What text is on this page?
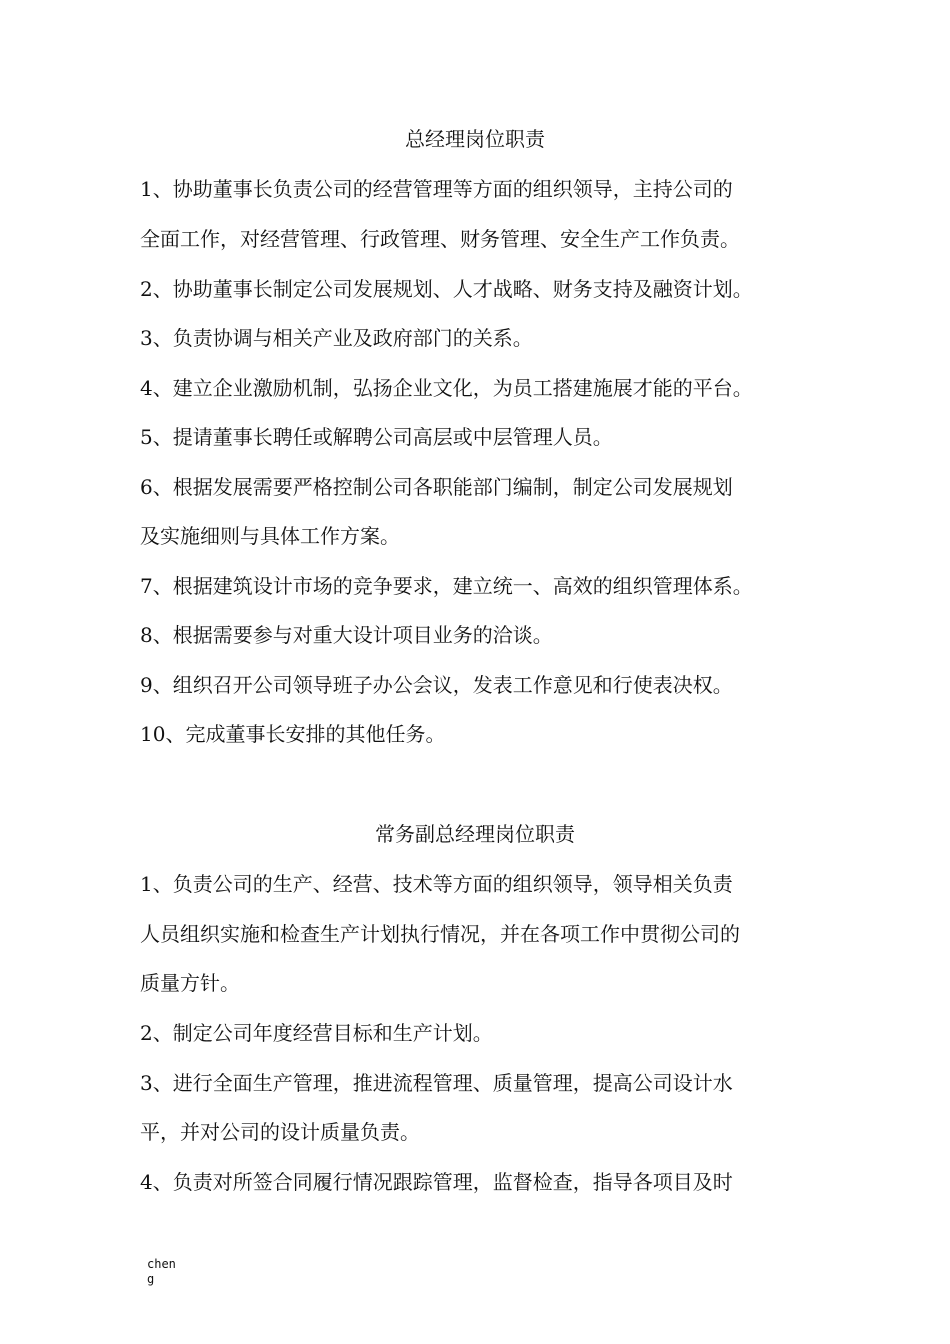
总经理岗位职责
1、协助董事长负责公司的经营管理等方面的组织领导，主持公司的
全面工作，对经营管理、行政管理、财务管理、安全生产工作负责。
2、协助董事长制定公司发展规划、人才战略、财务支持及融资计划。
3、负责协调与相关产业及政府部门的关系。
4、建立企业激励机制，弘扬企业文化，为员工搭建施展才能的平台。
5、提请董事长聘任或解聘公司高层或中层管理人员。
6、根据发展需要严格控制公司各职能部门编制，制定公司发展规划
及实施细则与具体工作方案。
7、根据建筑设计市场的竞争要求，建立统一、高效的组织管理体系。
8、根据需要参与对重大设计项目业务的洽谈。
9、组织召开公司领导班子办公会议，发表工作意见和行使表决权。
10、完成董事长安排的其他任务。
常务副总经理岗位职责
1、负责公司的生产、经营、技术等方面的组织领导，领导相关负责
人员组织实施和检查生产计划执行情况，并在各项工作中贯彻公司的
质量方针。
2、制定公司年度经营目标和生产计划。
3、进行全面生产管理，推进流程管理、质量管理，提高公司设计水
平，并对公司的设计质量负责。
4、负责对所签合同履行情况跟踪管理，监督检查，指导各项目及时
cheng
